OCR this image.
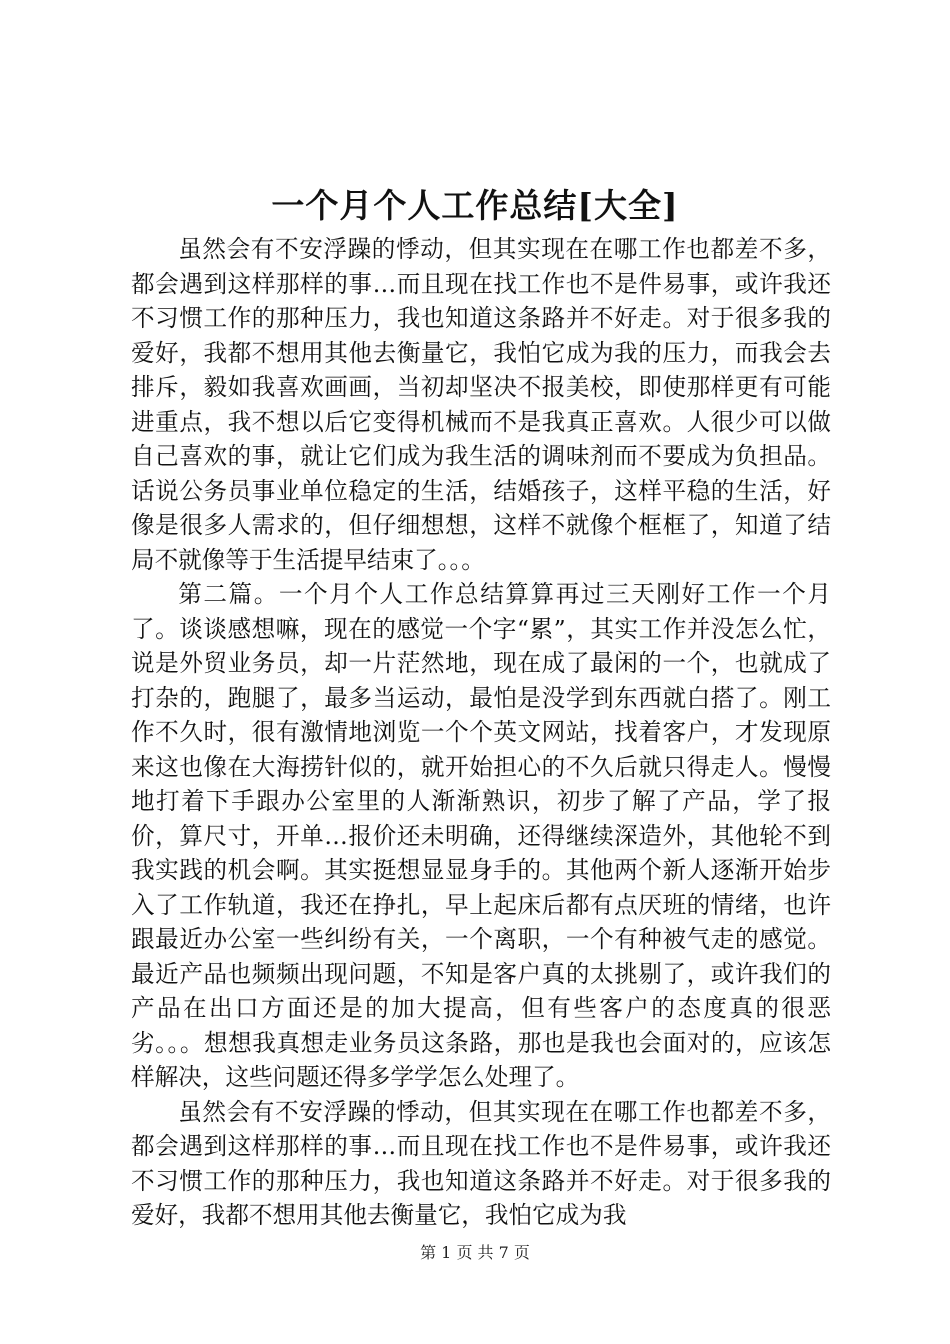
一个月个人工作总结[大全]

虽然会有不安浮躁的悸动，但其实现在在哪工作也都差不多，都会遇到这样那样的事…而且现在找工作也不是件易事，或许我还不习惯工作的那种压力，我也知道这条路并不好走。对于很多我的爱好，我都不想用其他去衡量它，我怕它成为我的压力，而我会去排斥，毅如我喜欢画画，当初却坚决不报美校，即使那样更有可能进重点，我不想以后它变得机械而不是我真正喜欢。人很少可以做自己喜欢的事，就让它们成为我生活的调味剂而不要成为负担品。话说公务员事业单位稳定的生活，结婚孩子，这样平稳的生活，好像是很多人需求的，但仔细想想，这样不就像个框框了，知道了结局不就像等于生活提早结束了。。。

第二篇。一个月个人工作总结算算再过三天刚好工作一个月了。谈谈感想嘛，现在的感觉一个字“累”，其实工作并没怎么忙，说是外贸业务员，却一片茫然地，现在成了最闲的一个，也就成了打杂的，跑腿了，最多当运动，最怕是没学到东西就白搭了。刚工作不久时，很有激情地浏览一个个英文网站，找着客户，才发现原来这也像在大海捞针似的，就开始担心的不久后就只得走人。慢慢地打着下手跟办公室里的人渐渐熟识，初步了解了产品，学了报价，算尺寸，开单…报价还未明确，还得继续深造外，其他轮不到我实践的机会啊。其实挺想显显身手的。其他两个新人逐渐开始步入了工作轨道，我还在挣扎，早上起床后都有点厌班的情绪，也许跟最近办公室一些纠纷有关，一个离职，一个有种被气走的感觉。最近产品也频频出现问题，不知是客户真的太挑剔了，或许我们的产品在出口方面还是的加大提高，但有些客户的态度真的很恶劣。。。想想我真想走业务员这条路，那也是我也会面对的，应该怎样解决，这些问题还得多学学怎么处理了。

虽然会有不安浮躁的悸动，但其实现在在哪工作也都差不多，都会遇到这样那样的事…而且现在找工作也不是件易事，或许我还不习惯工作的那种压力，我也知道这条路并不好走。对于很多我的爱好，我都不想用其他去衡量它，我怕它成为我

第 1 页 共 7 页
